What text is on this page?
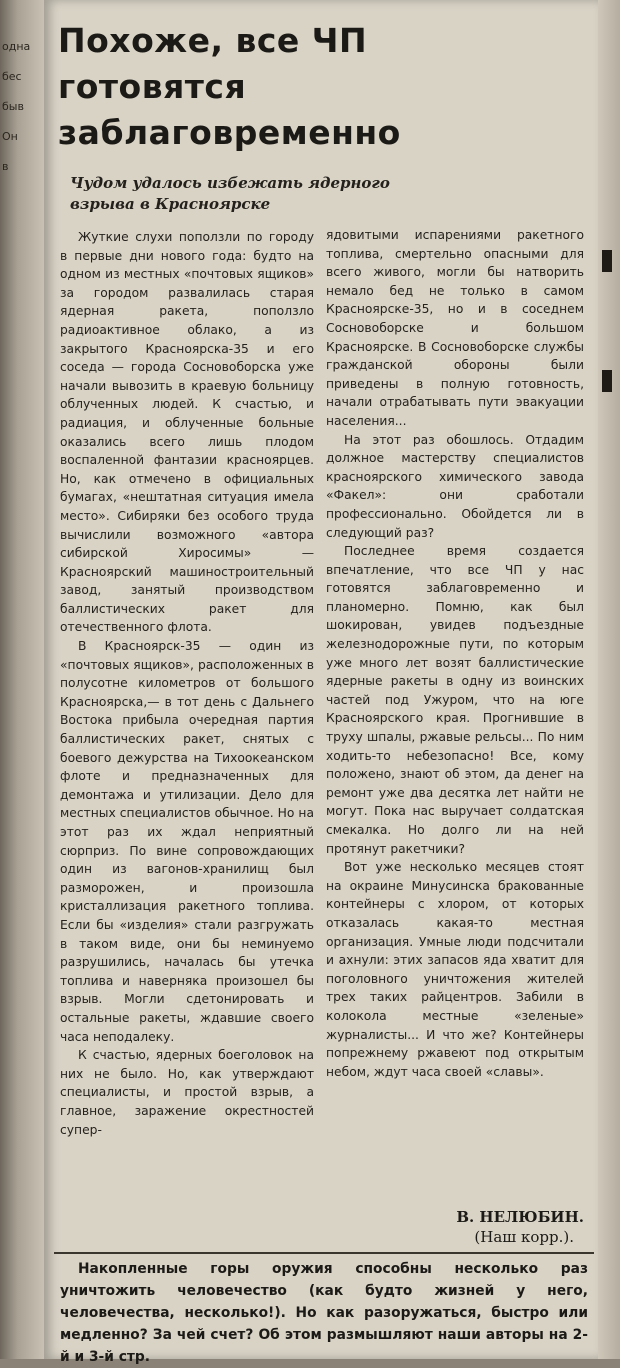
одна
бес
быв
Он
в
Похоже, все ЧП готовятся заблаговременно
Чудом удалось избежать ядерного взрыва в Красноярске

Жуткие слухи поползли по городу в первые дни нового года: будто на одном из местных «почтовых ящиков» за городом развалилась старая ядерная ракета, поползло радиоактивное облако, а из закрытого Красноярска-35 и его соседа — города Сосновоборска уже начали вывозить в краевую больницу облученных людей. К счастью, и радиация, и облученные больные оказались всего лишь плодом воспаленной фантазии красноярцев. Но, как отмечено в официальных бумагах, «нештатная ситуация имела место». Сибиряки без особого труда вычислили возможного «автора сибирской Хиросимы» — Красноярский машиностроительный завод, занятый производством баллистических ракет для отечественного флота.

В Красноярск-35 — один из «почтовых ящиков», расположенных в полусотне километров от большого Красноярска,— в тот день с Дальнего Востока прибыла очередная партия баллистических ракет, снятых с боевого дежурства на Тихоокеанском флоте и предназначенных для демонтажа и утилизации. Дело для местных специалистов обычное. Но на этот раз их ждал неприятный сюрприз. По вине сопровождающих один из вагонов-хранилищ был разморожен, и произошла кристаллизация ракетного топлива. Если бы «изделия» стали разгружать в таком виде, они бы неминуемо разрушились, началась бы утечка топлива и наверняка произошел бы взрыв. Могли сдетонировать и остальные ракеты, ждавшие своего часа неподалеку.

К счастью, ядерных боеголовок на них не было. Но, как утверждают специалисты, и простой взрыв, а главное, заражение окрестностей супер-

ядовитыми испарениями ракетного топлива, смертельно опасными для всего живого, могли бы натворить немало бед не только в самом Красноярске-35, но и в соседнем Сосновоборске и большом Красноярске. В Сосновоборске службы гражданской обороны были приведены в полную готовность, начали отрабатывать пути эвакуации населения...

На этот раз обошлось. Отдадим должное мастерству специалистов красноярского химического завода «Факел»: они сработали профессионально. Обойдется ли в следующий раз?

Последнее время создается впечатление, что все ЧП у нас готовятся заблаговременно и планомерно. Помню, как был шокирован, увидев подъездные железнодорожные пути, по которым уже много лет возят баллистические ядерные ракеты в одну из воинских частей под Ужуром, что на юге Красноярского края. Прогнившие в труху шпалы, ржавые рельсы... По ним ходить-то небезопасно! Все, кому положено, знают об этом, да денег на ремонт уже два десятка лет найти не могут. Пока нас выручает солдатская смекалка. Но долго ли на ней протянут ракетчики?

Вот уже несколько месяцев стоят на окраине Минусинска бракованные контейнеры с хлором, от которых отказалась какая-то местная организация. Умные люди подсчитали и ахнули: этих запасов яда хватит для поголовного уничтожения жителей трех таких райцентров. Забили в колокола местные «зеленые» журналисты... И что же? Контейнеры попрежнему ржавеют под открытым небом, ждут часа своей «славы».

В. НЕЛЮБИН.

(Наш корр.).

Накопленные горы оружия способны несколько раз уничтожить человечество (как будто жизней у него, человечества, несколько!). Но как разоружаться, быстро или медленно? За чей счет? Об этом размышляют наши авторы на 2-й и 3-й стр.
